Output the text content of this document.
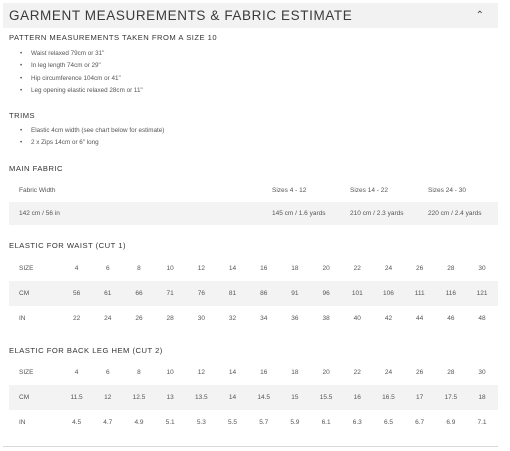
GARMENT MEASUREMENTS & FABRIC ESTIMATE	⌃
PATTERN MEASUREMENTS TAKEN FROM A SIZE 10
• Waist relaxed 79cm or 31"
• In leg length 74cm or 29"
• Hip circumference 104cm or 41"
• Leg opening elastic relaxed 28cm or 11"
TRIMS
• Elastic 4cm width (see chart below for estimate)
• 2 x Zips 14cm or 6" long
MAIN FABRIC
Fabric Width	Sizes 4 - 12	Sizes 14 - 22	Sizes 24 - 30
142 cm / 56 in	145 cm / 1.6 yards	210 cm / 2.3 yards	220 cm / 2.4 yards
ELASTIC FOR WAIST (CUT 1)
SIZE	4	6	8	10	12	14	16	18	20	22	24	26	28	30
CM	56	61	66	71	76	81	86	91	96	101	106	111	116	121
IN	22	24	26	28	30	32	34	36	38	40	42	44	46	48
ELASTIC FOR BACK LEG HEM (CUT 2)
SIZE	4	6	8	10	12	14	16	18	20	22	24	26	28	30
CM	11.5	12	12.5	13	13.5	14	14.5	15	15.5	16	16.5	17	17.5	18
IN	4.5	4.7	4.9	5.1	5.3	5.5	5.7	5.9	6.1	6.3	6.5	6.7	6.9	7.1
